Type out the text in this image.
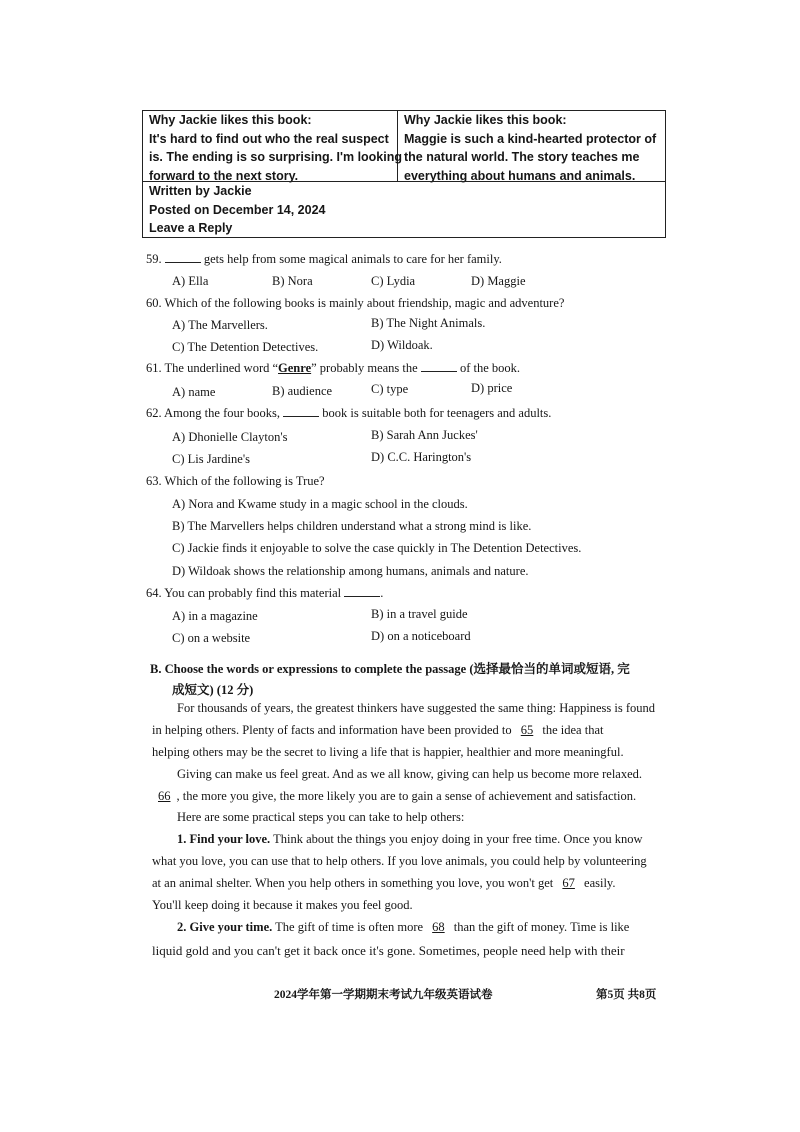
Why Jackie likes this book:
It's hard to find out who the real suspect
is. The ending is so surprising. I'm looking
forward to the next story.
Why Jackie likes this book:
Maggie is such a kind-hearted protector of
the natural world. The story teaches me
everything about humans and animals.
Written by Jackie
Posted on December 14, 2024
Leave a Reply
59.	gets help from some magical animals to care for her family.
A) Ella	B) Nora	C) Lydia	D) Maggie
60. Which of the following books is mainly about friendship, magic and adventure?
A) The Marvellers.	B) The Night Animals.
C) The Detention Detectives.	D) Wildoak.
61. The underlined word “Genre” probably means the	of the book.
A) name	B) audience	C) type	D) price
62. Among the four books,	book is suitable both for teenagers and adults.
A) Dhonielle Clayton's	B) Sarah Ann Juckes'
C) Lis Jardine's	D) C.C. Harington's
63. Which of the following is True?
A) Nora and Kwame study in a magic school in the clouds.
B) The Marvellers helps children understand what a strong mind is like.
C) Jackie finds it enjoyable to solve the case quickly in The Detention Detectives.
D) Wildoak shows the relationship among humans, animals and nature.
64. You can probably find this material	.
A) in a magazine	B) in a travel guide
C) on a website	D) on a noticeboard
B. Choose the words or expressions to complete the passage (选择最恰当的单词或短语, 完
成短文) (12 分)
For thousands of years, the greatest thinkers have suggested the same thing: Happiness is found
in helping others. Plenty of facts and information have been provided to 65 the idea that
helping others may be the secret to living a life that is happier, healthier and more meaningful.
Giving can make us feel great. And as we all know, giving can help us become more relaxed.
66 , the more you give, the more likely you are to gain a sense of achievement and satisfaction.
Here are some practical steps you can take to help others:
1. Find your love. Think about the things you enjoy doing in your free time. Once you know
what you love, you can use that to help others. If you love animals, you could help by volunteering
at an animal shelter. When you help others in something you love, you won't get 67 easily.
You'll keep doing it because it makes you feel good.
2. Give your time. The gift of time is often more 68 than the gift of money. Time is like
liquid gold and you can't get it back once it's gone. Sometimes, people need help with their
2024学年第一学期期末考试九年级英语试卷	第5页 共8页
